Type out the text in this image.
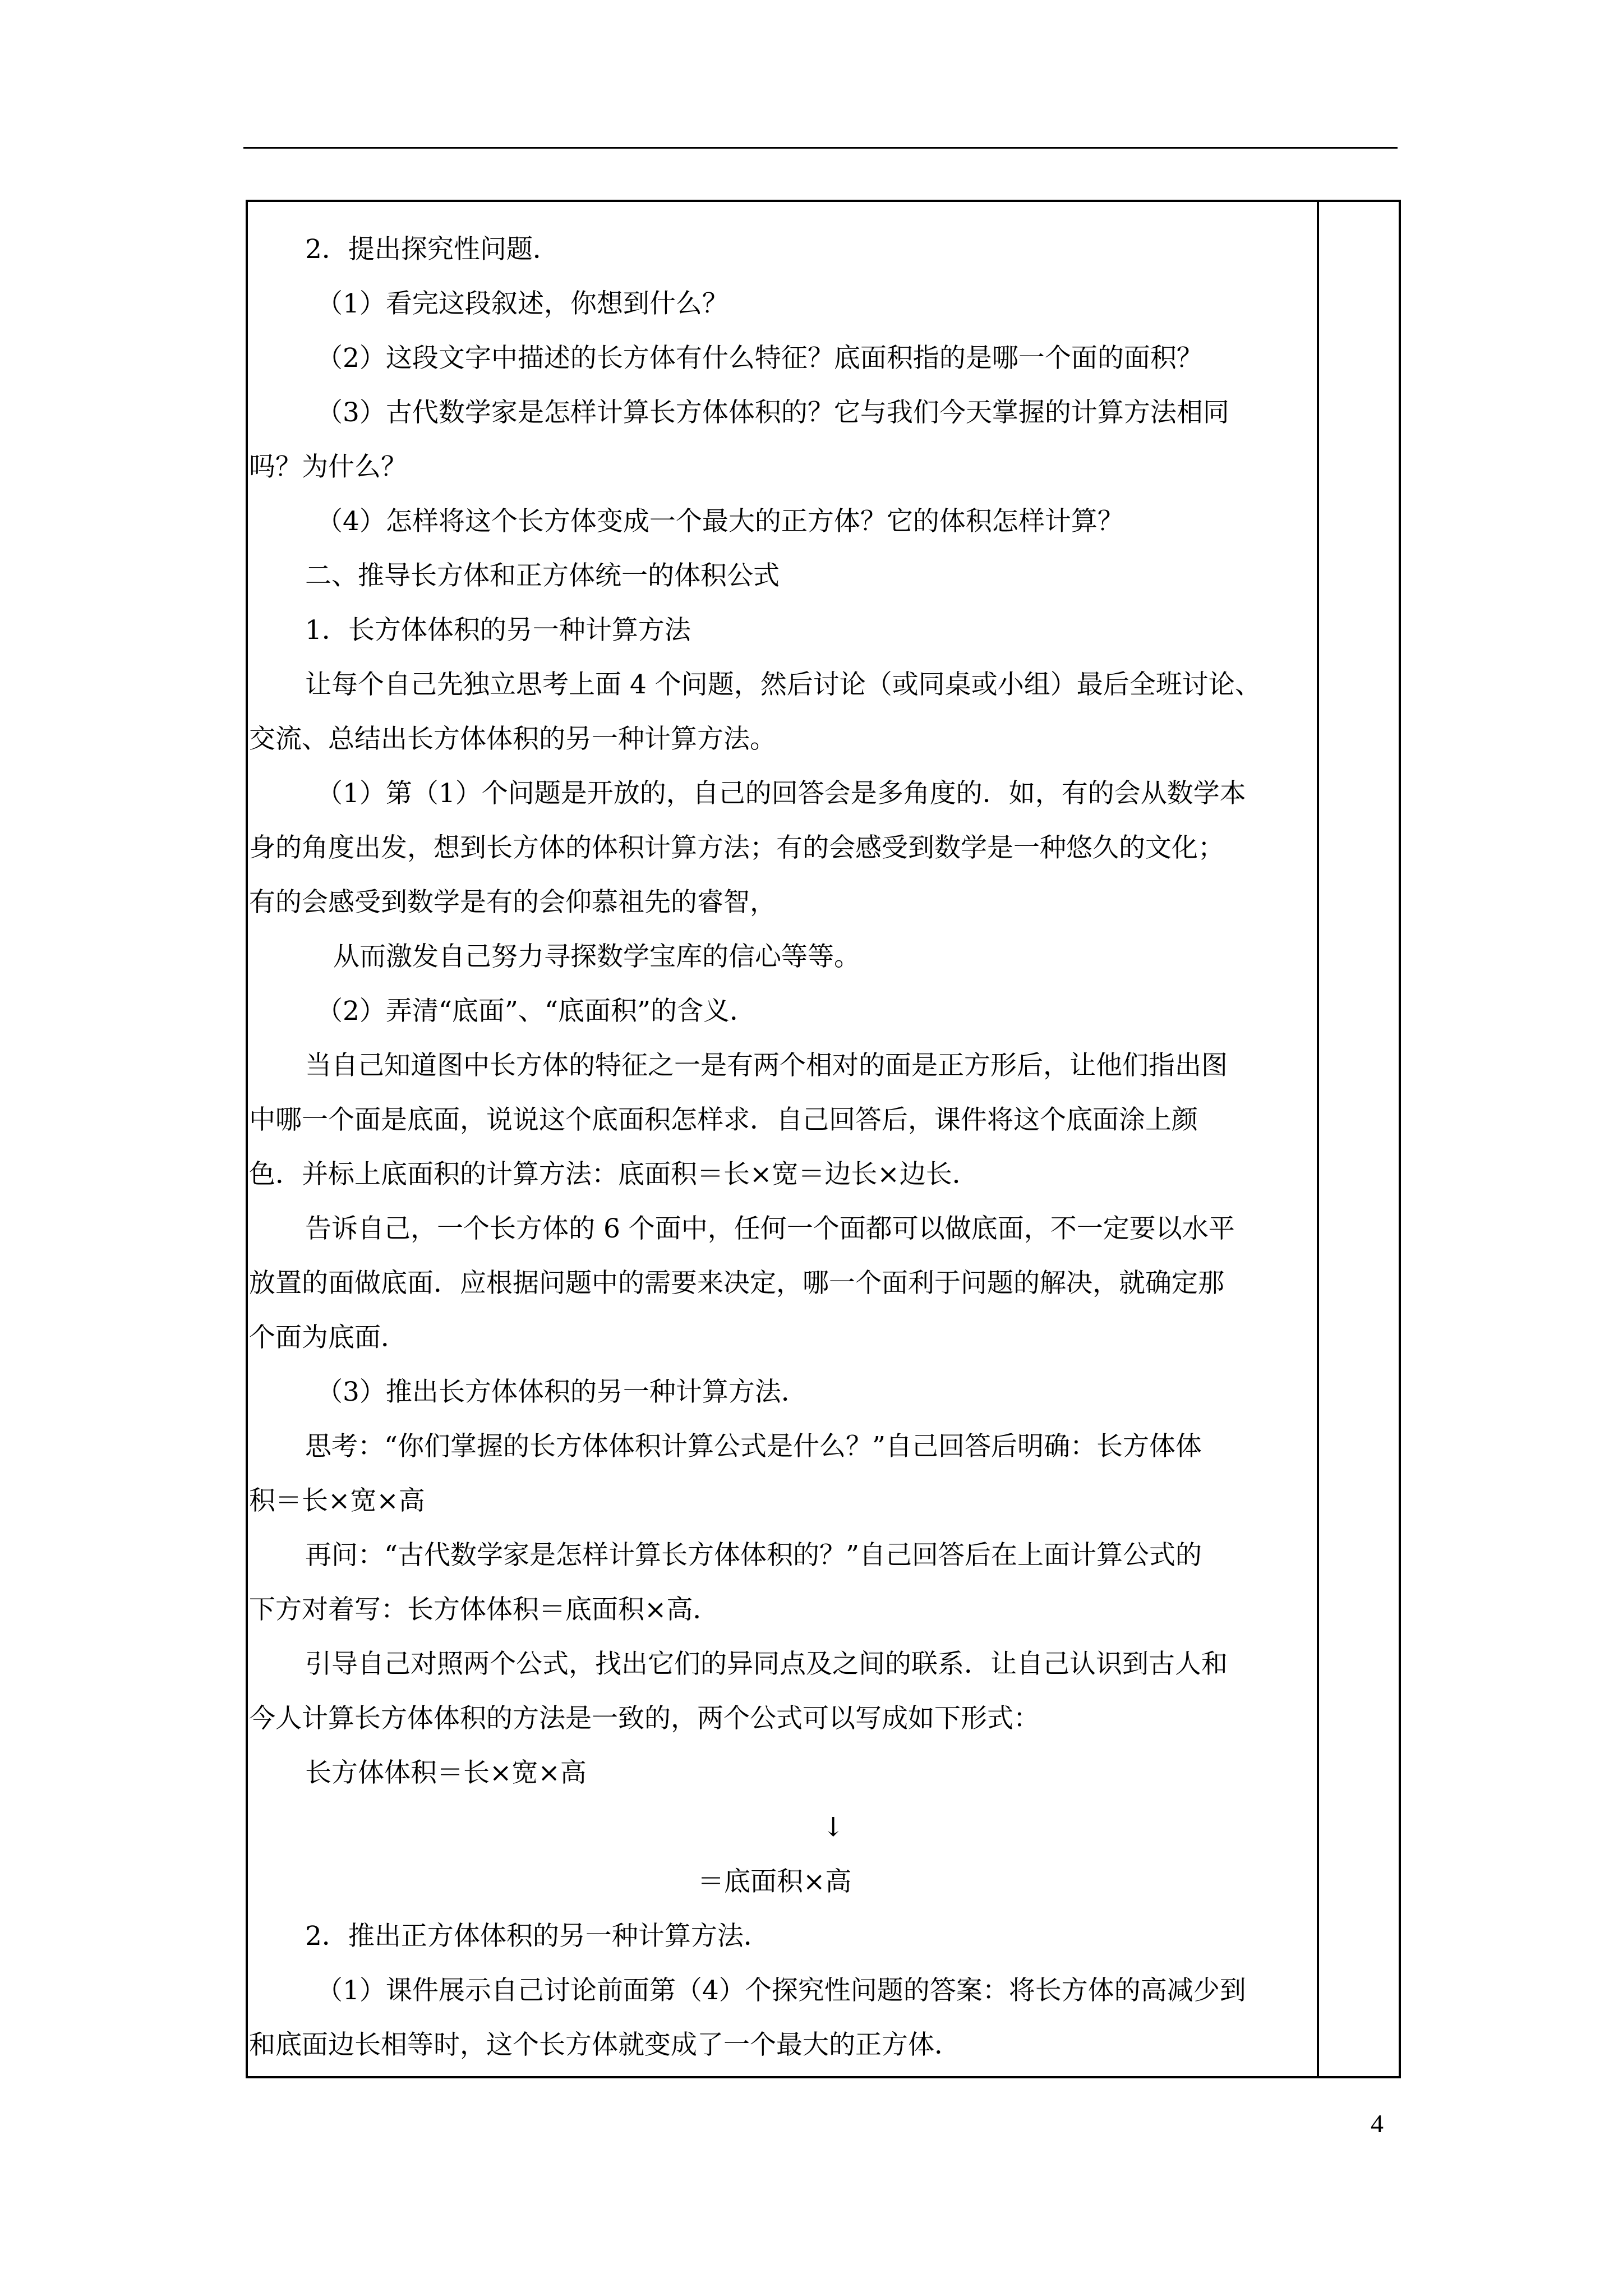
2．提出探究性问题．
（1）看完这段叙述，你想到什么？
（2）这段文字中描述的长方体有什么特征？底面积指的是哪一个面的面积？
（3）古代数学家是怎样计算长方体体积的？它与我们今天掌握的计算方法相同
吗？为什么？
（4）怎样将这个长方体变成一个最大的正方体？它的体积怎样计算？
二、推导长方体和正方体统一的体积公式
1．长方体体积的另一种计算方法
让每个自己先独立思考上面 4 个问题，然后讨论（或同桌或小组）最后全班讨论、
交流、总结出长方体体积的另一种计算方法。
（1）第（1）个问题是开放的，自己的回答会是多角度的．如，有的会从数学本
身的角度出发，想到长方体的体积计算方法；有的会感受到数学是一种悠久的文化；
有的会感受到数学是有的会仰慕祖先的睿智，
从而激发自己努力寻探数学宝库的信心等等。
（2）弄清“底面”、“底面积”的含义．
当自己知道图中长方体的特征之一是有两个相对的面是正方形后，让他们指出图
中哪一个面是底面，说说这个底面积怎样求．自己回答后，课件将这个底面涂上颜
色．并标上底面积的计算方法：底面积＝长×宽＝边长×边长．
告诉自己，一个长方体的 6 个面中，任何一个面都可以做底面，不一定要以水平
放置的面做底面．应根据问题中的需要来决定，哪一个面利于问题的解决，就确定那
个面为底面．
（3）推出长方体体积的另一种计算方法．
思考：“你们掌握的长方体体积计算公式是什么？”自己回答后明确：长方体体
积＝长×宽×高
再问：“古代数学家是怎样计算长方体体积的？”自己回答后在上面计算公式的
下方对着写：长方体体积＝底面积×高．
引导自己对照两个公式，找出它们的异同点及之间的联系．让自己认识到古人和
今人计算长方体体积的方法是一致的，两个公式可以写成如下形式：
长方体体积＝长×宽×高
↓
＝底面积×高
2．推出正方体体积的另一种计算方法．
（1）课件展示自己讨论前面第（4）个探究性问题的答案：将长方体的高减少到
和底面边长相等时，这个长方体就变成了一个最大的正方体．
4
